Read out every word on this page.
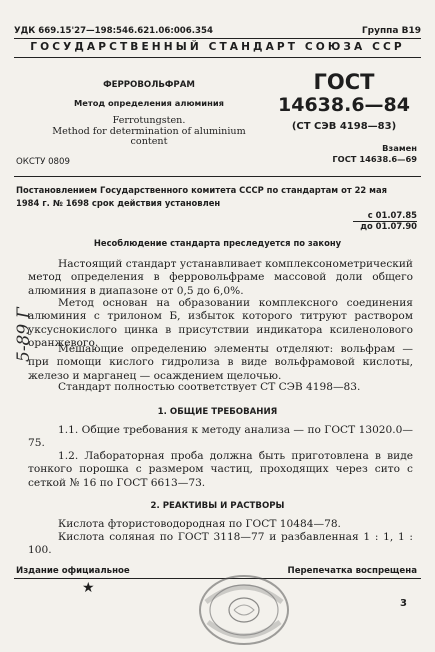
УДК 669.15'27—198:546.621.06:006.354	Группа В19
ГОСУДАРСТВЕННЫЙ СТАНДАРТ СОЮЗА ССР
ФЕРРОВОЛЬФРАМ
Метод определения алюминия
Ferrotungsten.
Method for determination of aluminium
content
ГОСТ
14638.6—84
(СТ СЭВ 4198—83)
Взамен
ГОСТ 14638.6—69
ОКСТУ 0809
Постановлением Государственного комитета СССР по стандартам от 22 мая
1984 г. № 1698 срок действия установлен
с 01.07.85
до 01.07.90
Несоблюдение стандарта преследуется по закону
5-89 Г
Настоящий стандарт устанавливает комплексонометрический метод определения в ферровольфраме массовой доли общего алюминия в диапазоне от 0,5 до 6,0%.
Метод основан на образовании комплексного соединения алюминия с трилоном Б, избыток которого титруют раствором уксуснокислого цинка в присутствии индикатора ксиленолового оранжевого.
Мешающие определению элементы отделяют: вольфрам — при помощи кислого гидролиза в виде вольфрамовой кислоты, железо и марганец — осаждением щелочью.
Стандарт полностью соответствует СТ СЭВ 4198—83.
1. ОБЩИЕ ТРЕБОВАНИЯ
1.1. Общие требования к методу анализа — по ГОСТ 13020.0—75.
1.2. Лабораторная проба должна быть приготовлена в виде тонкого порошка с размером частиц, проходящих через сито с сеткой № 16 по ГОСТ 6613—73.
2. РЕАКТИВЫ И РАСТВОРЫ
Кислота фтористоводородная по ГОСТ 10484—78.
Кислота соляная по ГОСТ 3118—77 и разбавленная 1 : 1, 1 : 100.
Издание официальное	Перепечатка воспрещена
★
3
